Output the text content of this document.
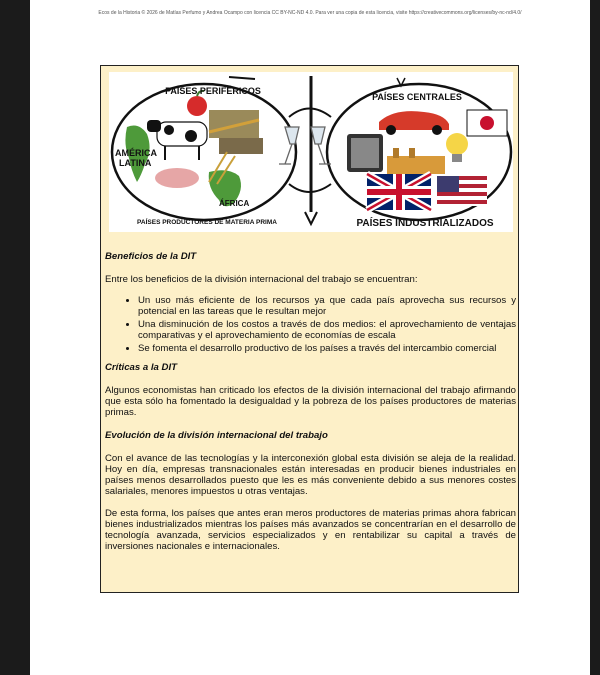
Ecos de la Historia © 2026 de Matías Perfumo y Andrea Ocampo con licencia CC BY-NC-ND 4.0. Para ver una copia de esta licencia, visite https://creativecommons.org/licenses/by-nc-nd/4.0/
PAÍSES PERIFÉRICOS
PAÍSES CENTRALES
AMÉRICA
LATINA
ÁFRICA
PAÍSES PRODUCTORES DE MATERIA PRIMA	PAÍSES INDUSTRIALIZADOS
Beneficios de la DIT

Entre los beneficios de la división internacional del trabajo se encuentran:

• Un uso más eficiente de los recursos ya que cada país aprovecha sus recursos y potencial en las tareas que le resultan mejor
• Una disminución de los costos a través de dos medios: el aprovechamiento de ventajas comparativas y el aprovechamiento de economías de escala
• Se fomenta el desarrollo productivo de los países a través del intercambio comercial
Críticas a la DIT

Algunos economistas han criticado los efectos de la división internacional del trabajo afirmando que esta sólo ha fomentado la desigualdad y la pobreza de los países productores de materias primas.

Evolución de la división internacional del trabajo

Con el avance de las tecnologías y la interconexión global esta división se aleja de la realidad. Hoy en día, empresas transnacionales están interesadas en producir bienes industriales en países menos desarrollados puesto que les es más conveniente debido a sus menores costes salariales, menores impuestos u otras ventajas.

De esta forma, los países que antes eran meros productores de materias primas ahora fabrican bienes industrializados mientras los países más avanzados se concentrarían en el desarrollo de tecnología avanzada, servicios especializados y en rentabilizar su capital a través de inversiones nacionales e internacionales.
